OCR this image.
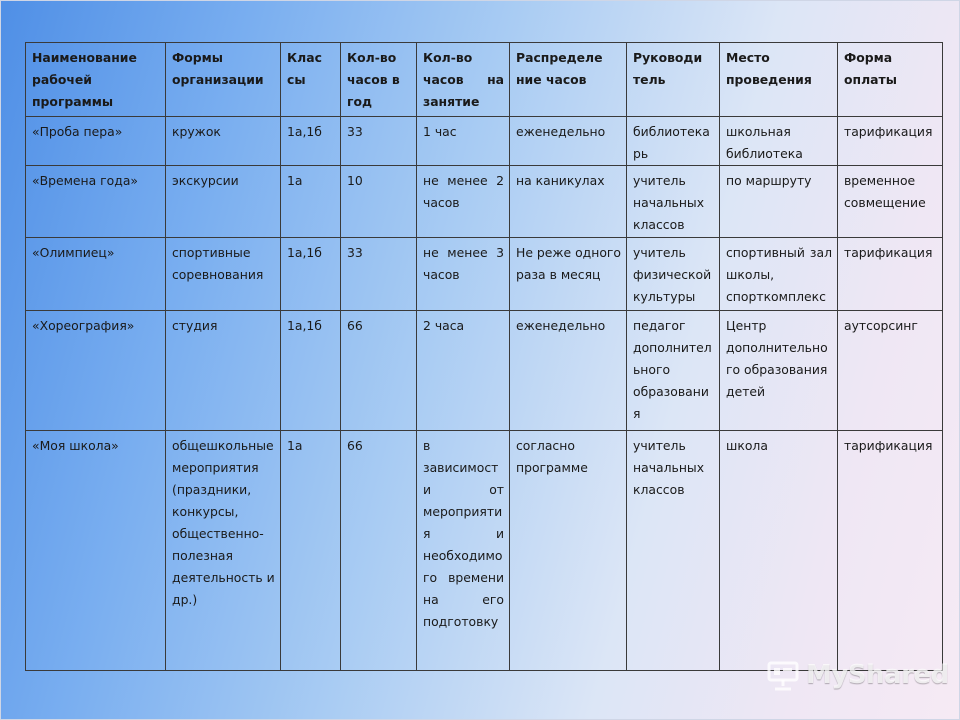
Наименование рабочей программы	Формы организации	Клас сы	Кол-во часов в год	Кол-во часов на занятие	Распределе ние часов	Руководи тель	Место проведения	Форма оплаты
«Проба пера»	кружок	1а,1б	33	1 час	еженедельно	библиотекарь	школьная библиотека	тарификация
«Времена года»	экскурсии	1а	10	не менее 2 часов	на каникулах	учитель начальных классов	по маршруту	временное совмещение
«Олимпиец»	спортивные соревнования	1а,1б	33	не менее 3 часов	Не реже одного раза в месяц	учитель физической культуры	спортивный зал школы, спорткомплекс	тарификация
«Хореография»	студия	1а,1б	66	2 часа	еженедельно	педагог дополнительного образования	Центр дополнительного образования детей	аутсорсинг
«Моя школа»	общешкольные мероприятия (праздники, конкурсы, общественно-полезная деятельность и др.)	1а	66	в зависимости от мероприятия и необходимого времени на его подготовку	согласно программе	учитель начальных классов	школа	тарификация
MyShared
